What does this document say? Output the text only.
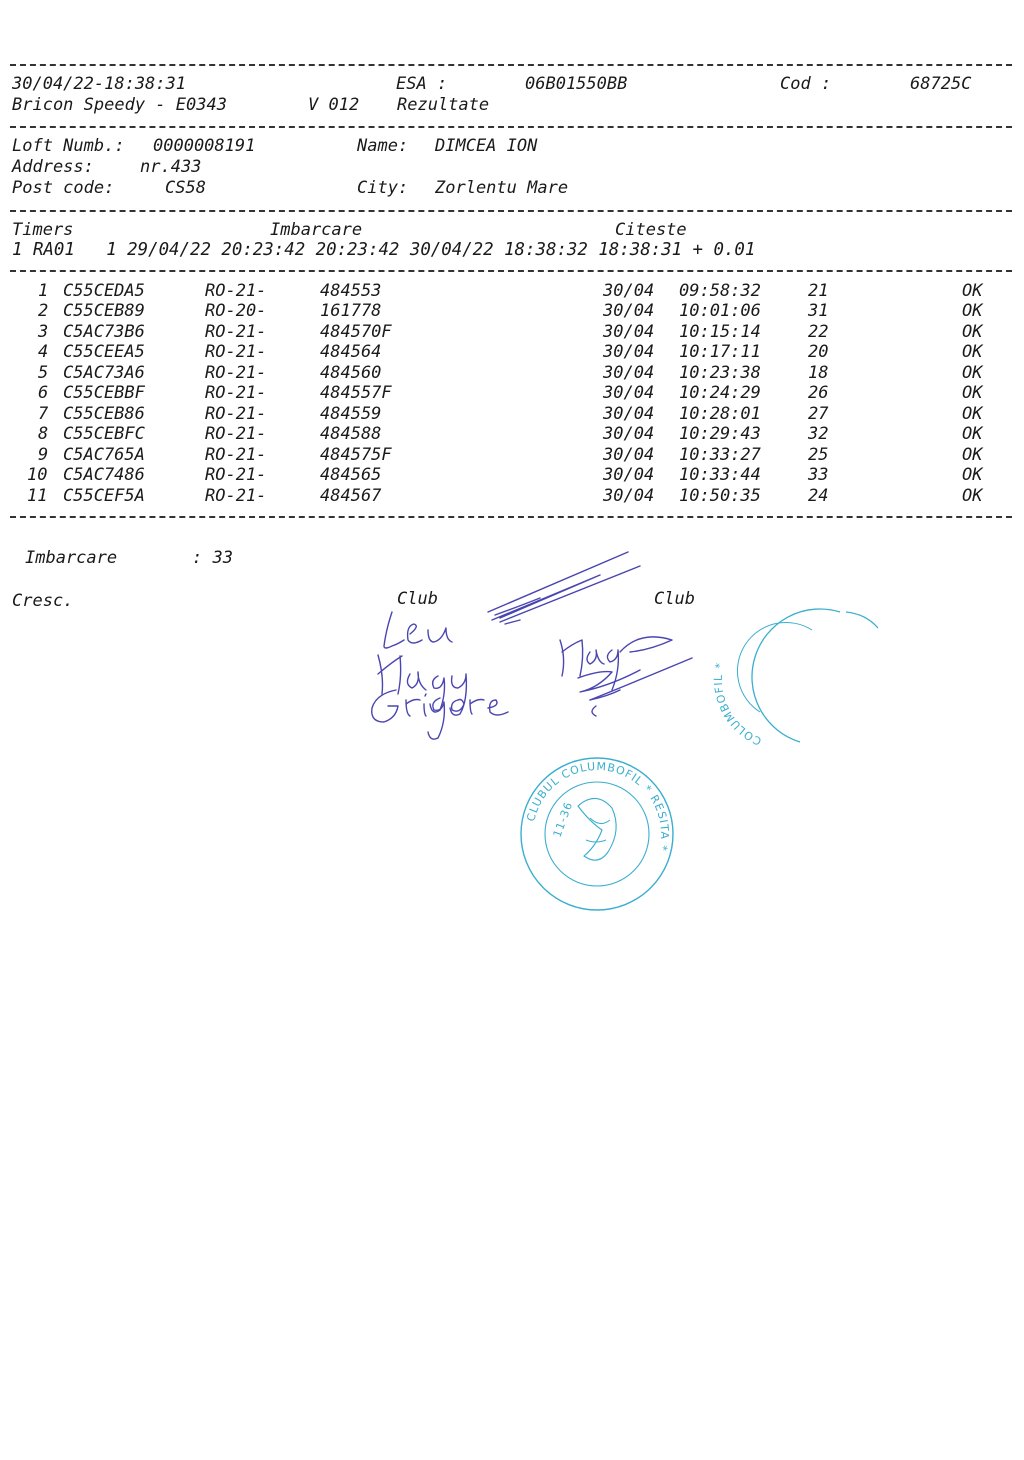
30/04/22-18:38:31	ESA :	06B01550BB	Cod :	68725C
Bricon Speedy - E0343	V 012 Rezultate
Loft Numb.: 0000008191	Name: DIMCEA ION
Address:	nr.433
Post code:	CS58	City: Zorlentu Mare
Timers	Imbarcare	Citeste
1 RA01   1 29/04/22 20:23:42 20:23:42 30/04/22 18:38:32 18:38:31 + 0.01
1 C55CEDA5	RO-21-	484553	30/04 09:58:32	21	OK
2 C55CEB89	RO-20-	161778	30/04 10:01:06	31	OK
3 C5AC73B6	RO-21-	484570F	30/04 10:15:14	22	OK
4 C55CEEA5	RO-21-	484564	30/04 10:17:11	20	OK
5 C5AC73A6	RO-21-	484560	30/04 10:23:38	18	OK
6 C55CEBBF	RO-21-	484557F	30/04 10:24:29	26	OK
7 C55CEB86	RO-21-	484559	30/04 10:28:01	27	OK
8 C55CEBFC	RO-21-	484588	30/04 10:29:43	32	OK
9 C5AC765A	RO-21-	484575F	30/04 10:33:27	25	OK
10 C5AC7486	RO-21-	484565	30/04 10:33:44	33	OK
11 C55CEF5A	RO-21-	484567	30/04 10:50:35	24	OK
Imbarcare	: 33
Cresc.	Club	Club
CLUBUL COLUMBOFIL * RESITA *
11-36
COLUMBOFIL *
